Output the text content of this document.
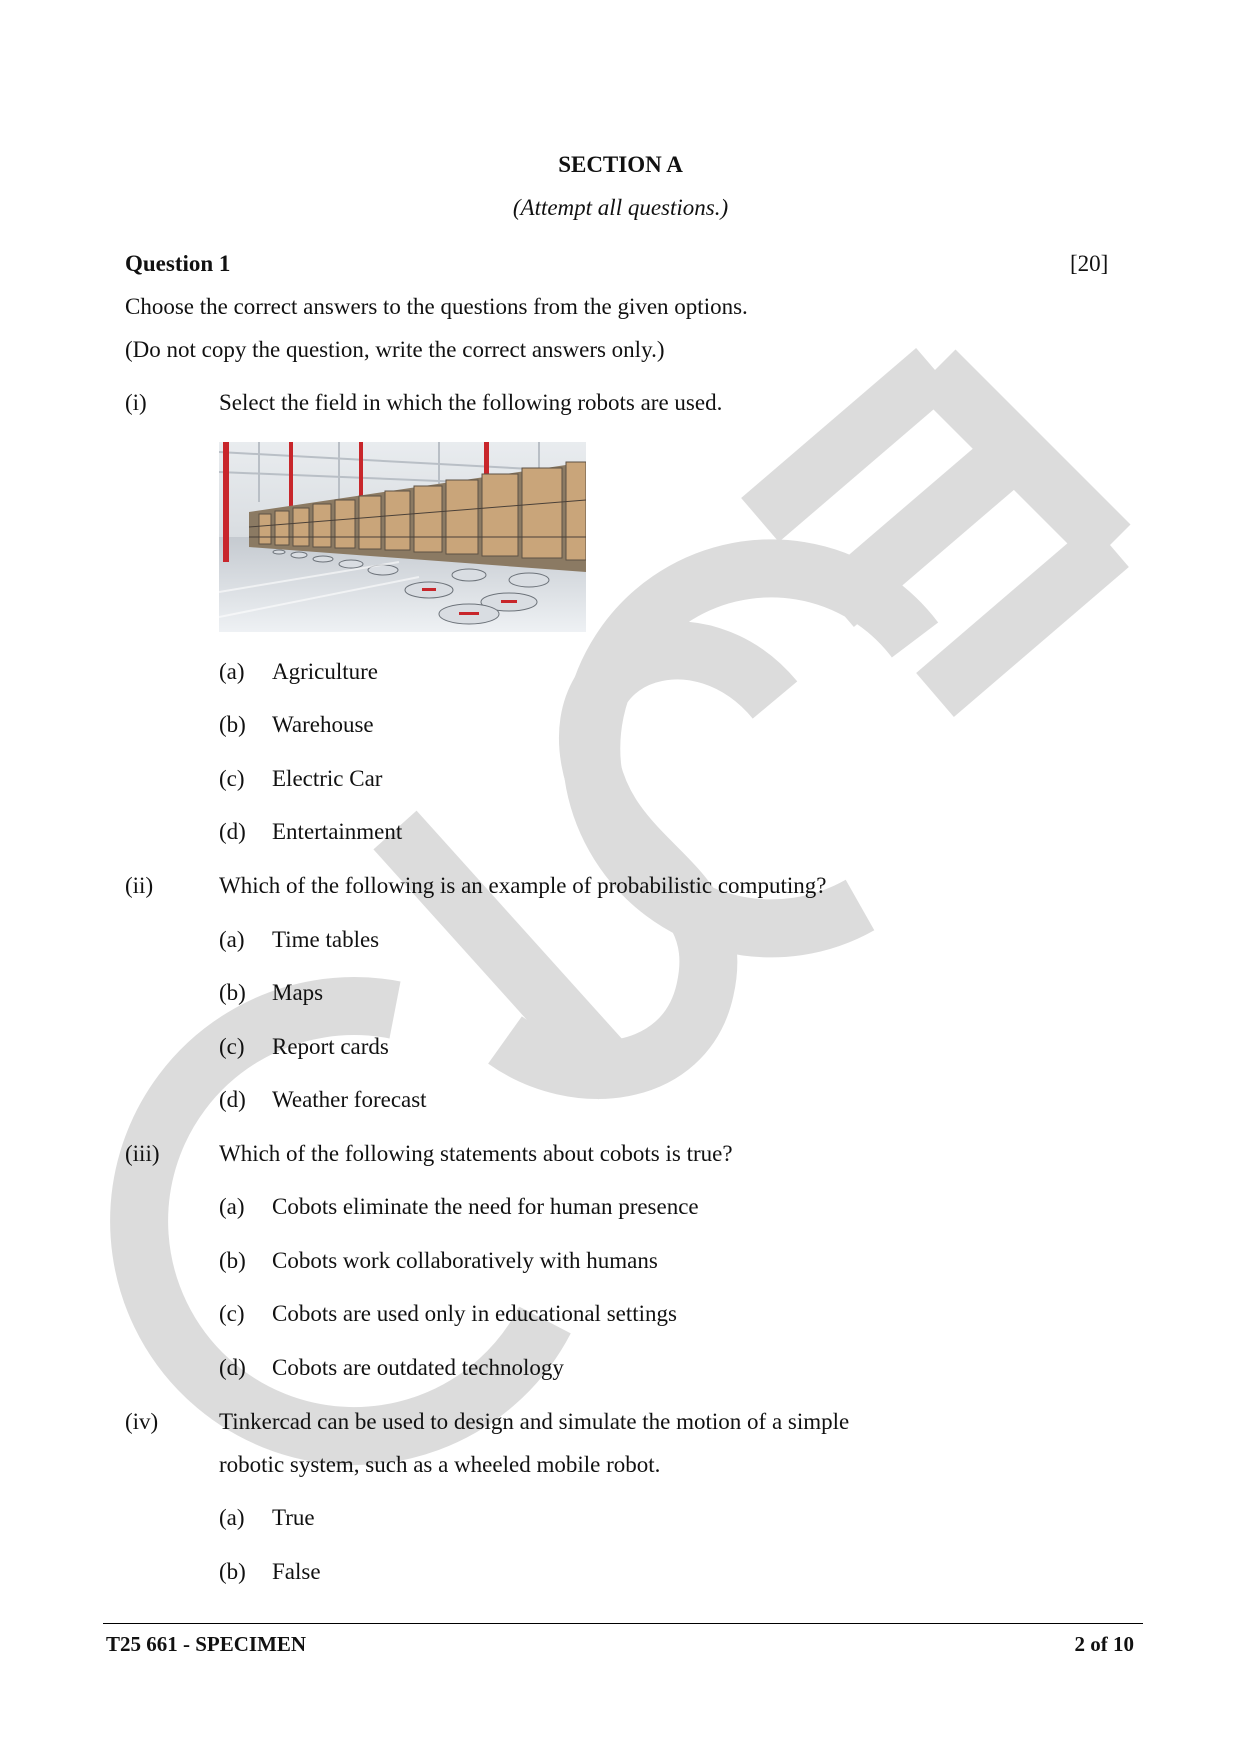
SECTION A
(Attempt all questions.)
Question 1	[20]
Choose the correct answers to the questions from the given options.
(Do not copy the question, write the correct answers only.)
(i)	Select the field in which the following robots are used.
(a) Agriculture
(b) Warehouse
(c) Electric Car
(d) Entertainment
(ii)	Which of the following is an example of probabilistic computing?
(a) Time tables
(b) Maps
(c) Report cards
(d) Weather forecast
(iii)	Which of the following statements about cobots is true?
(a) Cobots eliminate the need for human presence
(b) Cobots work collaboratively with humans
(c) Cobots are used only in educational settings
(d) Cobots are outdated technology
(iv)	Tinkercad can be used to design and simulate the motion of a simple
robotic system, such as a wheeled mobile robot.
(a) True
(b) False
T25 661 - SPECIMEN	2 of 10
